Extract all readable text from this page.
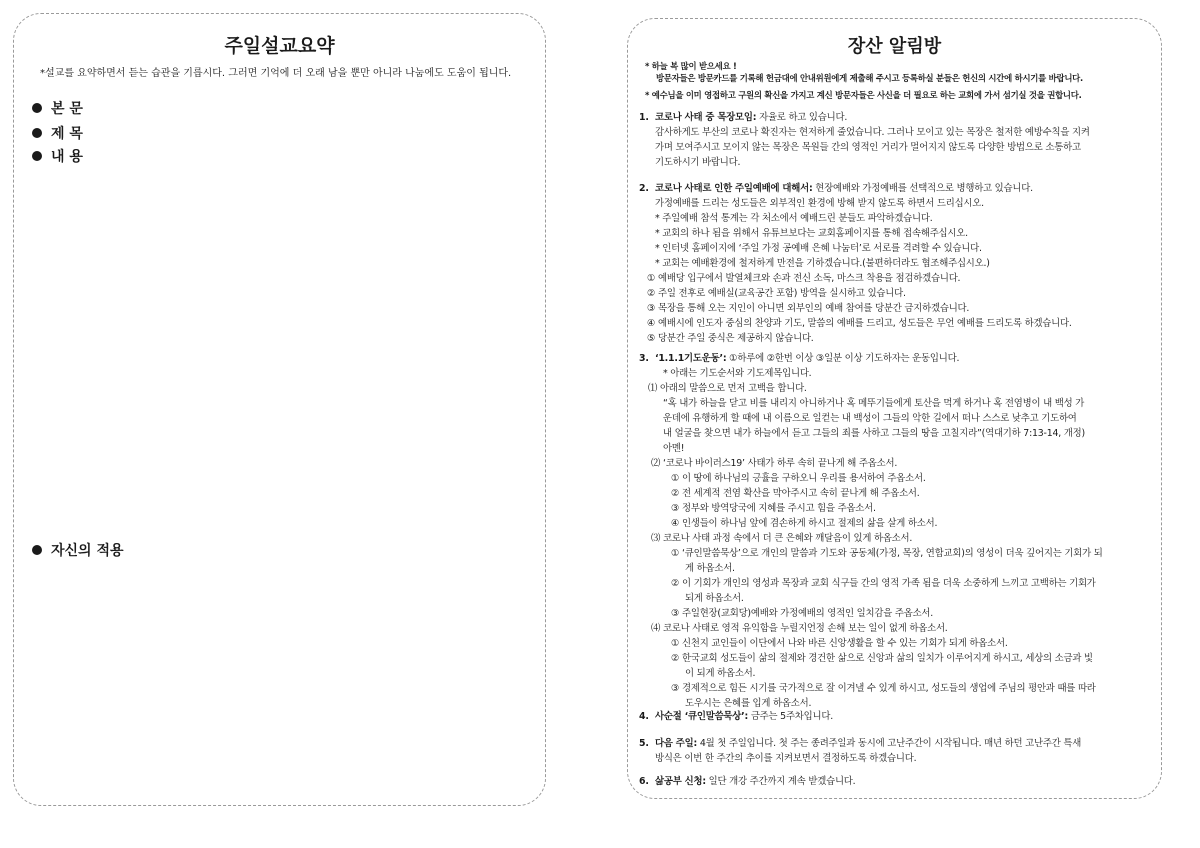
주일설교요약
*설교를 요약하면서 듣는 습관을 기릅시다. 그러면 기억에 더 오래 남을 뿐만 아니라 나눔에도 도움이 됩니다.
본 문
제 목
내 용
자신의 적용
장산 알림방
* 하늘 복 많이 받으세요 !
방문자들은 방문카드를 기록해 헌금대에 안내위원에게 제출해 주시고 등록하실 분들은 헌신의 시간에 하시기를 바랍니다.
* 예수님을 이미 영접하고 구원의 확신을 가지고 계신 방문자들은 사신을 더 필요로 하는 교회에 가서 섬기실 것을 권합니다.
1. 코로나 사태 중 목장모임: 자율로 하고 있습니다.
감사하게도 부산의 코로나 확진자는 현저하게 줄었습니다. 그러나 모이고 있는 목장은 철저한 예방수칙을 지켜
가며 모여주시고 모이지 않는 목장은 목원들 간의 영적인 거리가 멀어지지 않도록 다양한 방법으로 소통하고
기도하시기 바랍니다.
2. 코로나 사태로 인한 주일예배에 대해서: 현장예배와 가정예배를 선택적으로 병행하고 있습니다.
가정예배를 드리는 성도들은 외부적인 환경에 방해 받지 않도록 하면서 드리십시오.
* 주일예배 참석 통계는 각 처소에서 예배드린 분들도 파악하겠습니다.
* 교회의 하나 됨을 위해서 유튜브보다는 교회홈페이지를 통해 접속해주십시오.
* 인터넷 홈페이지에 ‘주일 가정 공예배 은혜 나눔터’로 서로를 격려할 수 있습니다.
* 교회는 예배환경에 철저하게 만전을 기하겠습니다.(불편하더라도 협조해주십시오.)
① 예배당 입구에서 발열체크와 손과 전신 소독, 마스크 착용을 점검하겠습니다.
② 주일 전후로 예배실(교육공간 포함) 방역을 실시하고 있습니다.
③ 목장을 통해 오는 지인이 아니면 외부인의 예배 참여를 당분간 금지하겠습니다.
④ 예배시에 인도자 중심의 찬양과 기도, 말씀의 예배를 드리고, 성도들은 무언 예배를 드리도록 하겠습니다.
⑤ 당분간 주일 중식은 제공하지 않습니다.
3. ‘1.1.1기도운동’: ①하루에 ②한번 이상 ③일분 이상 기도하자는 운동입니다.
* 아래는 기도순서와 기도제목입니다.
⑴ 아래의 말씀으로 먼저 고백을 합니다.
“혹 내가 하늘을 닫고 비를 내리지 아니하거나 혹 메뚜기들에게 토산을 먹게 하거나 혹 전염병이 내 백성 가
운데에 유행하게 할 때에 내 이름으로 일컫는 내 백성이 그들의 악한 길에서 떠나 스스로 낮추고 기도하여
내 얼굴을 찾으면 내가 하늘에서 듣고 그들의 죄를 사하고 그들의 땅을 고칠지라”(역대기하 7:13-14, 개정)
아멘!
⑵ ‘코로나 바이러스19’ 사태가 하루 속히 끝나게 해 주옵소서.
① 이 땅에 하나님의 긍휼을 구하오니 우리를 용서하여 주옵소서.
② 전 세계적 전염 확산을 막아주시고 속히 끝나게 해 주옵소서.
③ 정부와 방역당국에 지혜를 주시고 힘을 주옵소서.
④ 인생들이 하나님 앞에 겸손하게 하시고 절제의 삶을 살게 하소서.
⑶ 코로나 사태 과정 속에서 더 큰 은혜와 깨달음이 있게 하옵소서.
① ‘큐인말씀묵상’으로 개인의 말씀과 기도와 공동체(가정, 목장, 연합교회)의 영성이 더욱 깊어지는 기회가 되
게 하옵소서.
② 이 기회가 개인의 영성과 목장과 교회 식구들 간의 영적 가족 됨을 더욱 소중하게 느끼고 고백하는 기회가
되게 하옵소서.
③ 주일현장(교회당)예배와 가정예배의 영적인 일치감을 주옵소서.
⑷ 코로나 사태로 영적 유익함을 누릴지언정 손해 보는 일이 없게 하옵소서.
① 신천지 교인들이 이단에서 나와 바른 신앙생활을 할 수 있는 기회가 되게 하옵소서.
② 한국교회 성도들이 삶의 절제와 경건한 삶으로 신앙과 삶의 일치가 이루어지게 하시고, 세상의 소금과 빛
이 되게 하옵소서.
③ 경제적으로 힘든 시기를 국가적으로 잘 이겨낼 수 있게 하시고, 성도들의 생업에 주님의 평안과 때를 따라
도우시는 은혜를 입게 하옵소서.
4. 사순절 ‘큐인말씀묵상’: 금주는 5주차입니다.
5. 다음 주일: 4월 첫 주일입니다. 첫 주는 종려주일과 동시에 고난주간이 시작됩니다. 매년 하던 고난주간 특새
방식은 이번 한 주간의 추이를 지켜보면서 결정하도록 하겠습니다.
6. 삶공부 신청: 일단 개강 주간까지 계속 받겠습니다.
